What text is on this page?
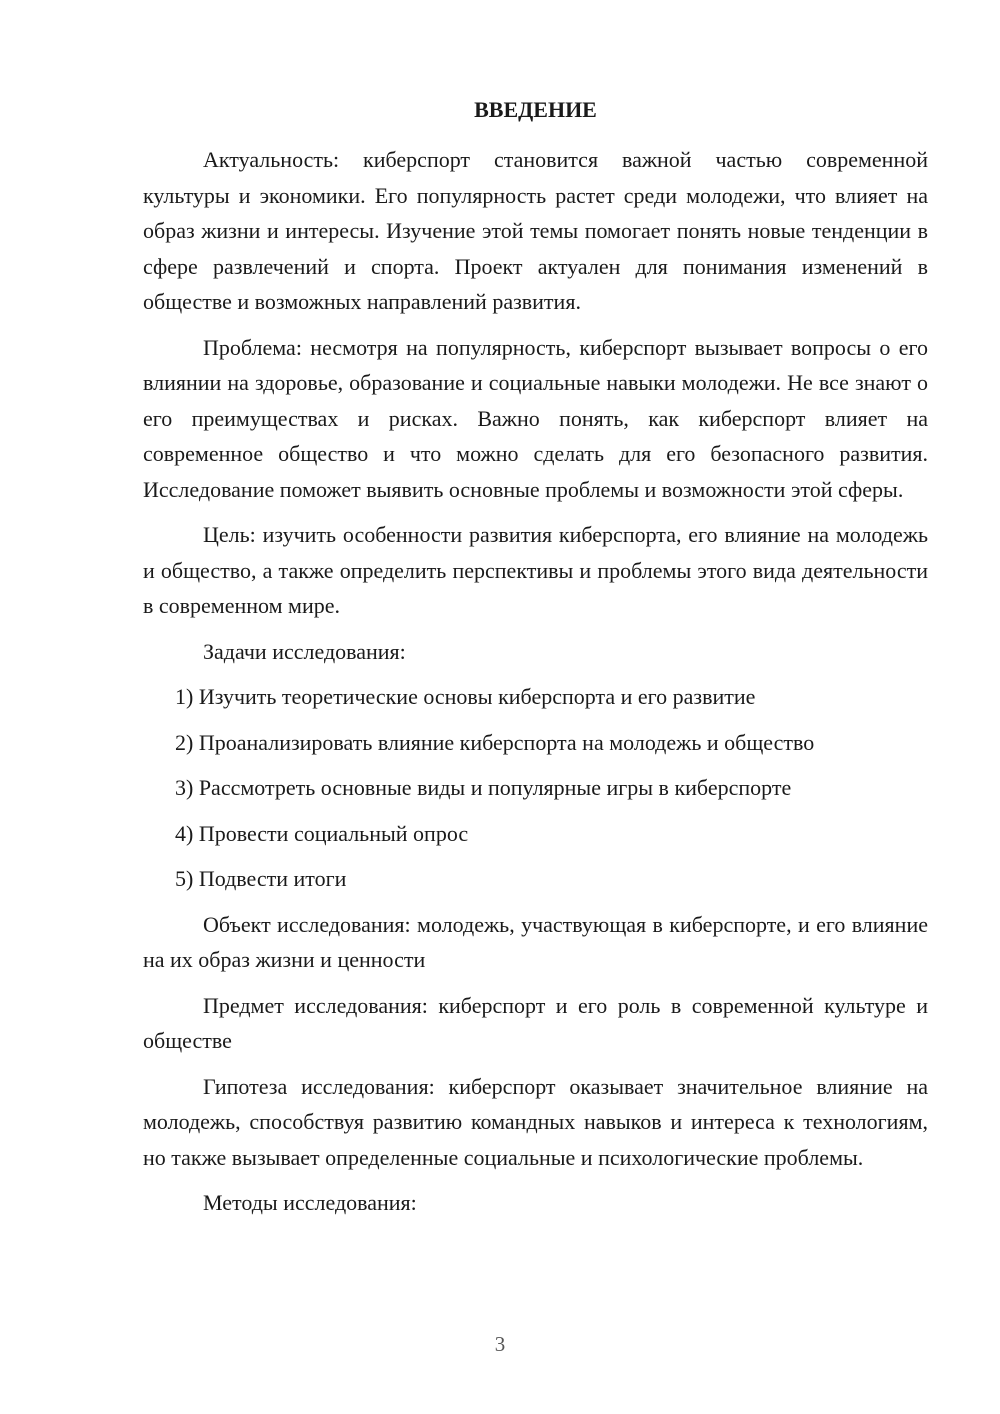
ВВЕДЕНИЕ

Актуальность: киберспорт становится важной частью современной культуры и экономики. Его популярность растет среди молодежи, что влияет на образ жизни и интересы. Изучение этой темы помогает понять новые тенденции в сфере развлечений и спорта. Проект актуален для понимания изменений в обществе и возможных направлений развития.

Проблема: несмотря на популярность, киберспорт вызывает вопросы о его влиянии на здоровье, образование и социальные навыки молодежи. Не все знают о его преимуществах и рисках. Важно понять, как киберспорт влияет на современное общество и что можно сделать для его безопасного развития. Исследование поможет выявить основные проблемы и возможности этой сферы.

Цель: изучить особенности развития киберспорта, его влияние на молодежь и общество, а также определить перспективы и проблемы этого вида деятельности в современном мире.

Задачи исследования:

1) Изучить теоретические основы киберспорта и его развитие
2) Проанализировать влияние киберспорта на молодежь и общество
3) Рассмотреть основные виды и популярные игры в киберспорте
4) Провести социальный опрос
5) Подвести итоги

Объект исследования: молодежь, участвующая в киберспорте, и его влияние на их образ жизни и ценности

Предмет исследования: киберспорт и его роль в современной культуре и обществе

Гипотеза исследования: киберспорт оказывает значительное влияние на молодежь, способствуя развитию командных навыков и интереса к технологиям, но также вызывает определенные социальные и психологические проблемы.

Методы исследования:

3
